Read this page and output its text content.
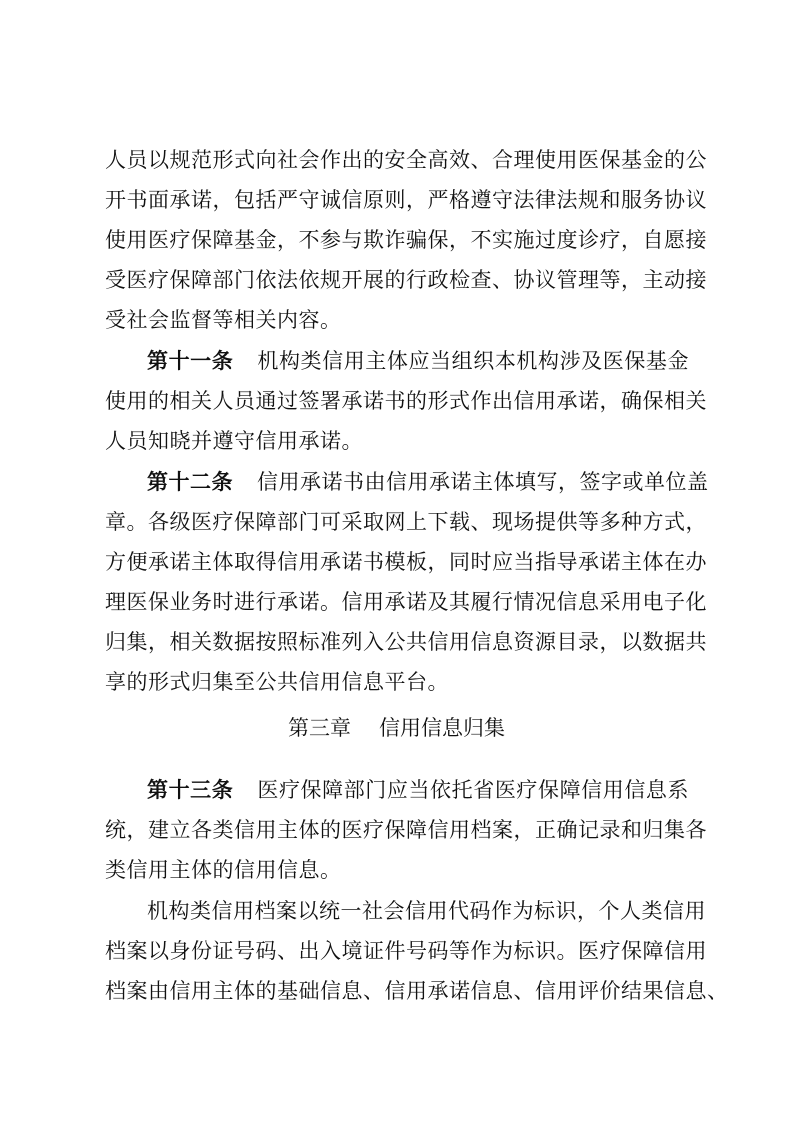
人员以规范形式向社会作出的安全高效、合理使用医保基金的公
开书面承诺，包括严守诚信原则，严格遵守法律法规和服务协议
使用医疗保障基金，不参与欺诈骗保，不实施过度诊疗，自愿接
受医疗保障部门依法依规开展的行政检查、协议管理等，主动接
受社会监督等相关内容。
第十一条 机构类信用主体应当组织本机构涉及医保基金
使用的相关人员通过签署承诺书的形式作出信用承诺，确保相关
人员知晓并遵守信用承诺。
第十二条 信用承诺书由信用承诺主体填写，签字或单位盖
章。各级医疗保障部门可采取网上下载、现场提供等多种方式，
方便承诺主体取得信用承诺书模板，同时应当指导承诺主体在办
理医保业务时进行承诺。信用承诺及其履行情况信息采用电子化
归集，相关数据按照标准列入公共信用信息资源目录，以数据共
享的形式归集至公共信用信息平台。
第三章 信用信息归集
第十三条 医疗保障部门应当依托省医疗保障信用信息系
统，建立各类信用主体的医疗保障信用档案，正确记录和归集各
类信用主体的信用信息。
机构类信用档案以统一社会信用代码作为标识，个人类信用
档案以身份证号码、出入境证件号码等作为标识。医疗保障信用
档案由信用主体的基础信息、信用承诺信息、信用评价结果信息、
